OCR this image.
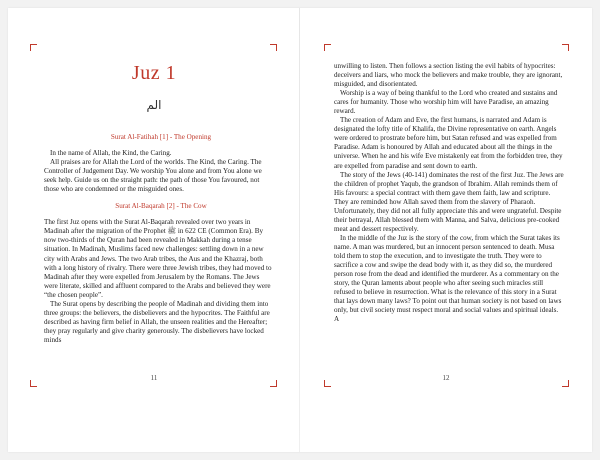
Juz 1
الم

Surat Al-Fatihah [1] - The Opening

In the name of Allah, the Kind, the Caring.

All praises are for Allah the Lord of the worlds. The Kind, the Caring. The Controller of Judgement Day. We worship You alone and from You alone we seek help. Guide us on the straight path: the path of those You favoured, not those who are condemned or the misguided ones.

Surat Al-Baqarah [2] - The Cow

The first Juz opens with the Surat Al-Baqarah revealed over two years in Madinah after the migration of the Prophet ﷺ in 622 CE (Common Era). By now two-thirds of the Quran had been revealed in Makkah during a tense situation. In Madinah, Muslims faced new challenges: settling down in a new city with Arabs and Jews. The two Arab tribes, the Aus and the Khazraj, both with a long history of rivalry. There were three Jewish tribes, they had moved to Madinah after they were expelled from Jerusalem by the Romans. The Jews were literate, skilled and affluent compared to the Arabs and believed they were “the chosen people”.

The Surat opens by describing the people of Madinah and dividing them into three groups: the believers, the disbelievers and the hypocrites. The Faithful are described as having firm belief in Allah, the unseen realities and the Hereafter; they pray regularly and give charity generously. The disbelievers have locked minds

11

unwilling to listen. Then follows a section listing the evil habits of hypocrites: deceivers and liars, who mock the believers and make trouble, they are ignorant, misguided, and disorientated.

Worship is a way of being thankful to the Lord who created and sustains and cares for humanity. Those who worship him will have Paradise, an amazing reward.

The creation of Adam and Eve, the first humans, is narrated and Adam is designated the lofty title of Khalifa, the Divine representative on earth. Angels were ordered to prostrate before him, but Satan refused and was expelled from Paradise. Adam is honoured by Allah and educated about all the things in the universe. When he and his wife Eve mistakenly eat from the forbidden tree, they are expelled from paradise and sent down to earth.

The story of the Jews (40-141) dominates the rest of the first Juz. The Jews are the children of prophet Yaqub, the grandson of Ibrahim. Allah reminds them of His favours: a special contract with them gave them faith, law and scripture. They are reminded how Allah saved them from the slavery of Pharaoh. Unfortunately, they did not all fully appreciate this and were ungrateful. Despite their betrayal, Allah blessed them with Manna, and Salva, delicious pre-cooked meat and dessert respectively.

In the middle of the Juz is the story of the cow, from which the Surat takes its name. A man was murdered, but an innocent person sentenced to death. Musa told them to stop the execution, and to investigate the truth. They were to sacrifice a cow and swipe the dead body with it, as they did so, the murdered person rose from the dead and identified the murderer. As a commentary on the story, the Quran laments about people who after seeing such miracles still refused to believe in resurrection. What is the relevance of this story in a Surat that lays down many laws? To point out that human society is not based on laws only, but civil society must respect moral and social values and spiritual ideals. A

12
